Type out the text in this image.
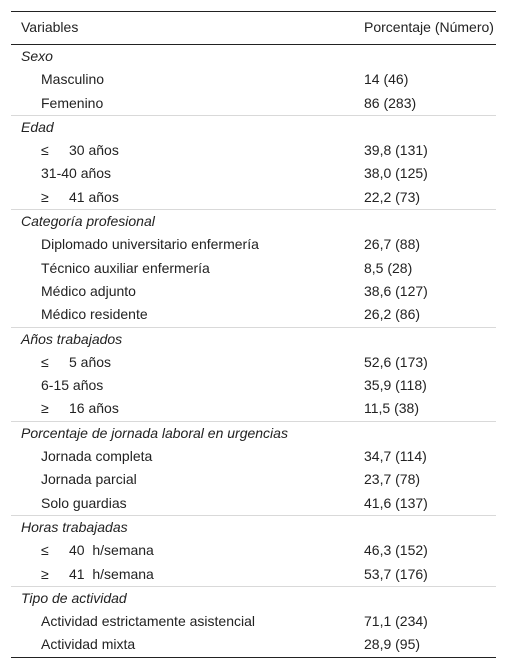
Variables	Porcentaje (Número)
Sexo	
Masculino	14 (46)
Femenino	86 (283)
Edad	
≤ 30 años	39,8 (131)
31-40 años	38,0 (125)
≥ 41 años	22,2 (73)
Categoría profesional	
Diplomado universitario enfermería	26,7 (88)
Técnico auxiliar enfermería	8,5 (28)
Médico adjunto	38,6 (127)
Médico residente	26,2 (86)
Años trabajados	
≤ 5 años	52,6 (173)
6-15 años	35,9 (118)
≥ 16 años	11,5 (38)
Porcentaje de jornada laboral en urgencias	
Jornada completa	34,7 (114)
Jornada parcial	23,7 (78)
Solo guardias	41,6 (137)
Horas trabajadas	
≤ 40  h/semana	46,3 (152)
≥ 41  h/semana	53,7 (176)
Tipo de actividad	
Actividad estrictamente asistencial	71,1 (234)
Actividad mixta	28,9 (95)
